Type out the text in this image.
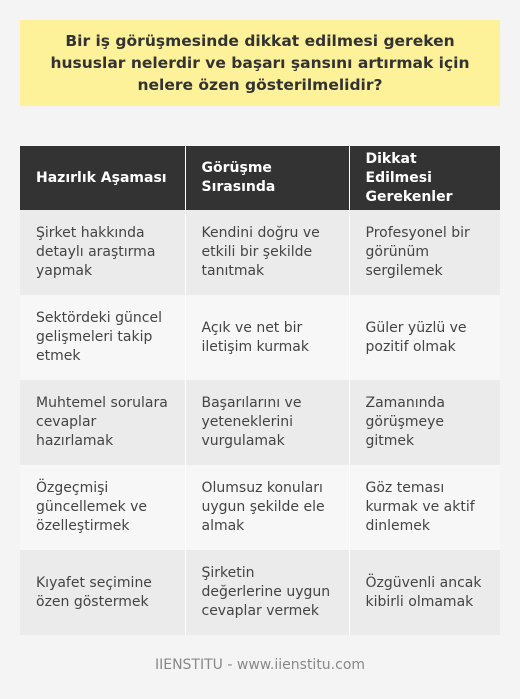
Bir iş görüşmesinde dikkat edilmesi gereken hususlar nelerdir ve başarı şansını artırmak için nelere özen gösterilmelidir?
Hazırlık Aşaması	Görüşme Sırasında	Dikkat Edilmesi Gerekenler
Şirket hakkında detaylı araştırma yapmak	Kendini doğru ve etkili bir şekilde tanıtmak	Profesyonel bir görünüm sergilemek
Sektördeki güncel gelişmeleri takip etmek	Açık ve net bir iletişim kurmak	Güler yüzlü ve pozitif olmak
Muhtemel sorulara cevaplar hazırlamak	Başarılarını ve yeteneklerini vurgulamak	Zamanında görüşmeye gitmek
Özgeçmişi güncellemek ve özelleştirmek	Olumsuz konuları uygun şekilde ele almak	Göz teması kurmak ve aktif dinlemek
Kıyafet seçimine özen göstermek	Şirketin değerlerine uygun cevaplar vermek	Özgüvenli ancak kibirli olmamak
IIENSTITU - www.iienstitu.com
